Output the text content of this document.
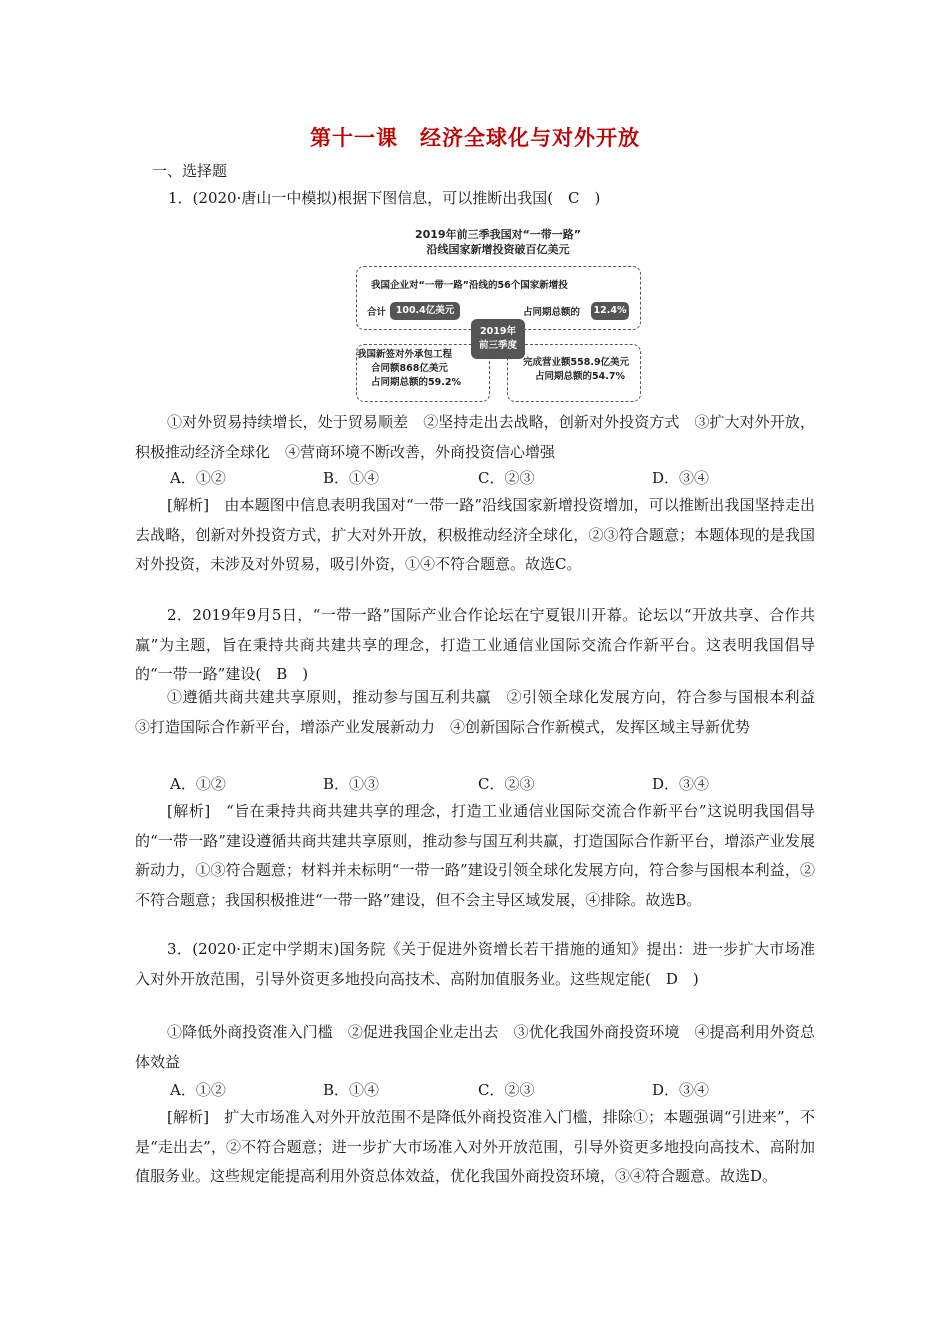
第十一课　经济全球化与对外开放
一、选择题
1．(2020·唐山一中模拟)根据下图信息，可以推断出我国(　C　)
2019年前三季我国对“一带一路”
沿线国家新增投资破百亿美元
我国企业对“一带一路”沿线的56个国家新增投
合计	100.4亿美元	占同期总额的 12.4%
我国新签对外承包工程
合同额868亿美元
占同期总额的59.2%
完成营业额558.9亿美元
占同期总额的54.7%
2019年
前三季度
①对外贸易持续增长，处于贸易顺差　②坚持走出去战略，创新对外投资方式　③扩大对外开放，积极推动经济全球化　④营商环境不断改善，外商投资信心增强
A．①②	B．①④	C．②③	D．③④
[解析]　由本题图中信息表明我国对“一带一路”沿线国家新增投资增加，可以推断出我国坚持走出去战略，创新对外投资方式，扩大对外开放，积极推动经济全球化，②③符合题意；本题体现的是我国对外投资，未涉及对外贸易，吸引外资，①④不符合题意。故选C。
2．2019年9月5日，“一带一路”国际产业合作论坛在宁夏银川开幕。论坛以“开放共享、合作共赢”为主题，旨在秉持共商共建共享的理念，打造工业通信业国际交流合作新平台。这表明我国倡导的“一带一路”建设(　B　)
①遵循共商共建共享原则，推动参与国互利共赢　②引领全球化发展方向，符合参与国根本利益　③打造国际合作新平台，增添产业发展新动力　④创新国际合作新模式，发挥区域主导新优势
A．①②	B．①③	C．②③	D．③④
[解析]　“旨在秉持共商共建共享的理念，打造工业通信业国际交流合作新平台”这说明我国倡导的“一带一路”建设遵循共商共建共享原则，推动参与国互利共赢，打造国际合作新平台，增添产业发展新动力，①③符合题意；材料并未标明“一带一路”建设引领全球化发展方向，符合参与国根本利益，②不符合题意；我国积极推进“一带一路”建设，但不会主导区域发展，④排除。故选B。
3．(2020·正定中学期末)国务院《关于促进外资增长若干措施的通知》提出：进一步扩大市场准入对外开放范围，引导外资更多地投向高技术、高附加值服务业。这些规定能(　D　)
①降低外商投资准入门槛　②促进我国企业走出去　③优化我国外商投资环境　④提高利用外资总体效益
A．①②	B．①④	C．②③	D．③④
[解析]　扩大市场准入对外开放范围不是降低外商投资准入门槛，排除①；本题强调“引进来”，不是“走出去”，②不符合题意；进一步扩大市场准入对外开放范围，引导外资更多地投向高技术、高附加值服务业。这些规定能提高利用外资总体效益，优化我国外商投资环境，③④符合题意。故选D。
